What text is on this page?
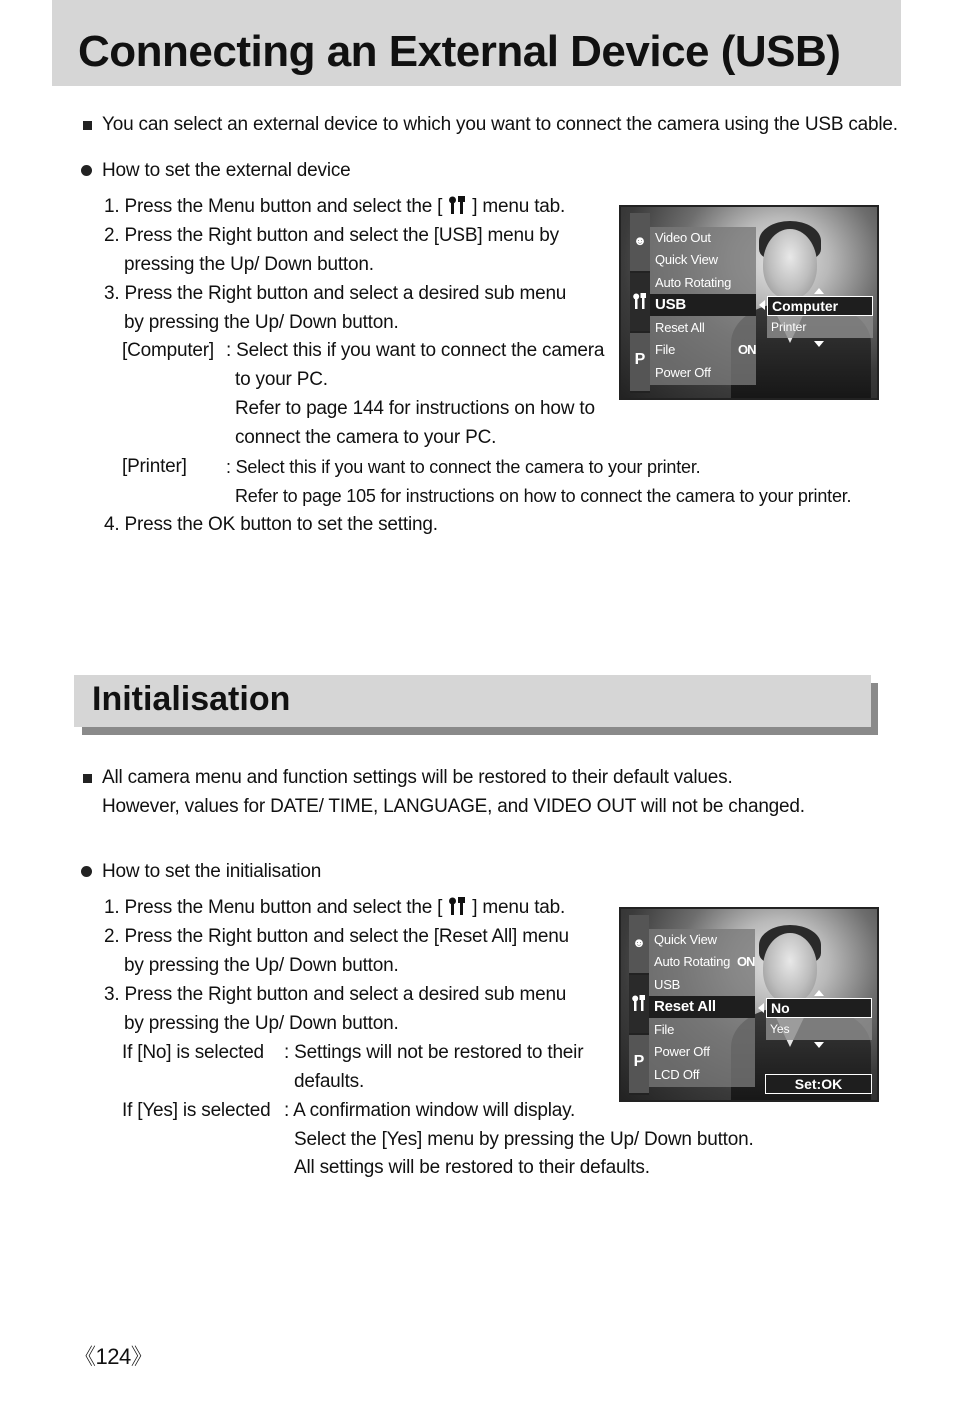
Connecting an External Device (USB)
You can select an external device to which you want to connect the camera using the USB cable.
How to set the external device
1. Press the Menu button and select the [ ] menu tab.
2. Press the Right button and select the [USB] menu by
pressing the Up/ Down button.
3. Press the Right button and select a desired sub menu
by pressing the Up/ Down button.
[Computer] : Select this if you want to connect the camera
to your PC.
Refer to page 144 for instructions on how to
connect the camera to your PC.
[Printer] : Select this if you want to connect the camera to your printer.
Refer to page 105 for instructions on how to connect the camera to your printer.
4. Press the OK button to set the setting.
☻
P
Video Out
Quick View
Auto Rotating
USB
Reset All
File
Power Off
ON
Computer
Printer
Initialisation
All camera menu and function settings will be restored to their default values.
However, values for DATE/ TIME, LANGUAGE, and VIDEO OUT will not be changed.
How to set the initialisation
1. Press the Menu button and select the [ ] menu tab.
2. Press the Right button and select the [Reset All] menu
by pressing the Up/ Down button.
3. Press the Right button and select a desired sub menu
by pressing the Up/ Down button.
If [No] is selected : Settings will not be restored to their
defaults.
If [Yes] is selected : A confirmation window will display.
Select the [Yes] menu by pressing the Up/ Down button.
All settings will be restored to their defaults.
☻
P
Quick View
Auto Rotating
USB
Reset All
File
Power Off
LCD Off
ON
No
Yes
Set:OK
《124》
